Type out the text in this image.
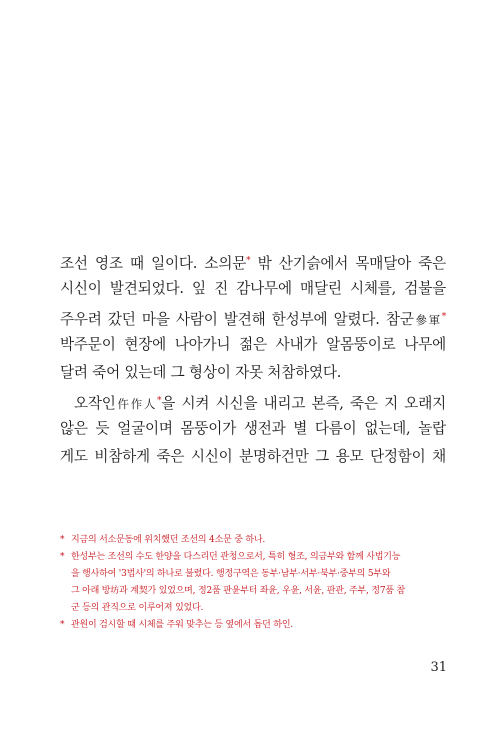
조선 영조 때 일이다. 소의문* 밖 산기슭에서 목매달아 죽은
시신이 발견되었다. 잎 진 감나무에 매달린 시체를, 검불을
주우려 갔던 마을 사람이 발견해 한성부에 알렸다. 참군參軍*
박주문이 현장에 나아가니 젊은 사내가 알몸뚱이로 나무에
달려 죽어 있는데 그 형상이 자못 처참하였다.
오작인仵作人*을 시켜 시신을 내리고 본즉, 죽은 지 오래지
않은 듯 얼굴이며 몸뚱이가 생전과 별 다름이 없는데, 놀랍
게도 비참하게 죽은 시신이 분명하건만 그 용모 단정함이 채
* 지금의 서소문동에 위치했던 조선의 4소문 중 하나.
* 한성부는 조선의 수도 한양을 다스리던 관청으로서, 특히 형조, 의금부와 함께 사법기능
을 행사하여 '3법사'의 하나로 불렸다. 행정구역은 동부·남부·서부·북부·중부의 5부와
그 아래 방坊과 계契가 있었으며, 정2품 판윤부터 좌윤, 우윤, 서윤, 판관, 주부, 정7품 참
군 등의 관직으로 이루어져 있었다.
* 관원이 검시할 때 시체를 주워 맞추는 등 옆에서 돕던 하인.
31
